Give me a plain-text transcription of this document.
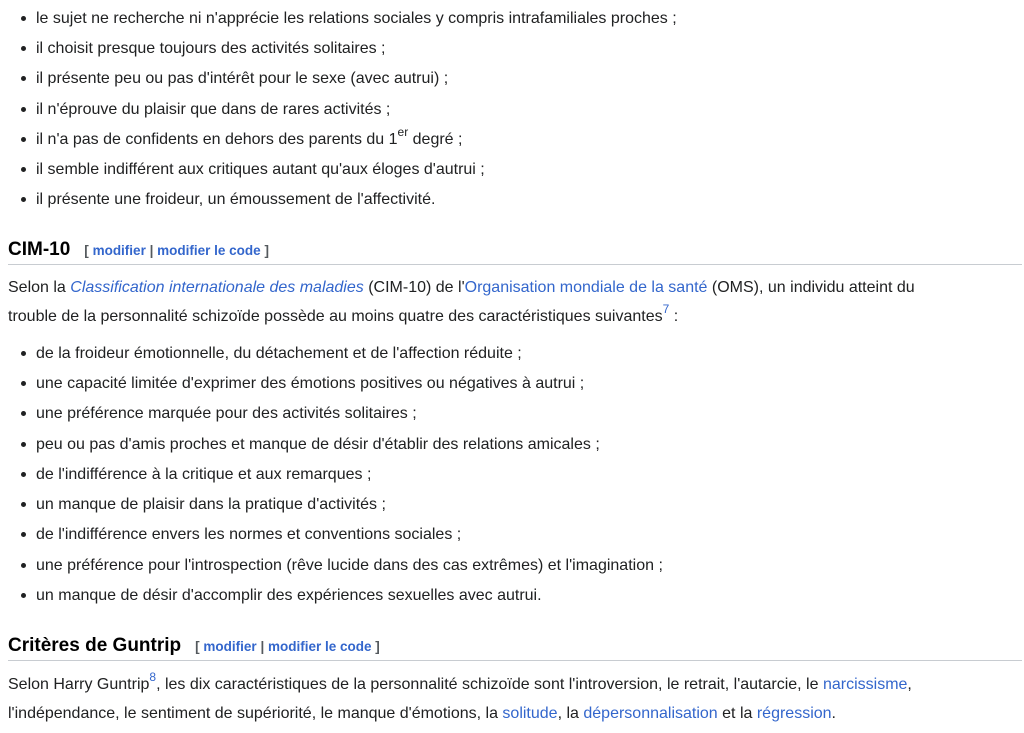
le sujet ne recherche ni n'apprécie les relations sociales y compris intrafamiliales proches ;
il choisit presque toujours des activités solitaires ;
il présente peu ou pas d'intérêt pour le sexe (avec autrui) ;
il n'éprouve du plaisir que dans de rares activités ;
il n'a pas de confidents en dehors des parents du 1er degré ;
il semble indifférent aux critiques autant qu'aux éloges d'autrui ;
il présente une froideur, un émoussement de l'affectivité.
CIM-10 [ modifier | modifier le code ]

Selon la Classification internationale des maladies (CIM-10) de l'Organisation mondiale de la santé (OMS), un individu atteint du
trouble de la personnalité schizoïde possède au moins quatre des caractéristiques suivantes$^7$ :

de la froideur émotionnelle, du détachement et de l'affection réduite ;
une capacité limitée d'exprimer des émotions positives ou négatives à autrui ;
une préférence marquée pour des activités solitaires ;
peu ou pas d'amis proches et manque de désir d'établir des relations amicales ;
de l'indifférence à la critique et aux remarques ;
un manque de plaisir dans la pratique d'activités ;
de l'indifférence envers les normes et conventions sociales ;
une préférence pour l'introspection (rêve lucide dans des cas extrêmes) et l'imagination ;
un manque de désir d'accomplir des expériences sexuelles avec autrui.
Critères de Guntrip [ modifier | modifier le code ]

Selon Harry Guntrip$^8$, les dix caractéristiques de la personnalité schizoïde sont l'introversion, le retrait, l'autarcie, le narcissisme,
l'indépendance, le sentiment de supériorité, le manque d'émotions, la solitude, la dépersonnalisation et la régression.
